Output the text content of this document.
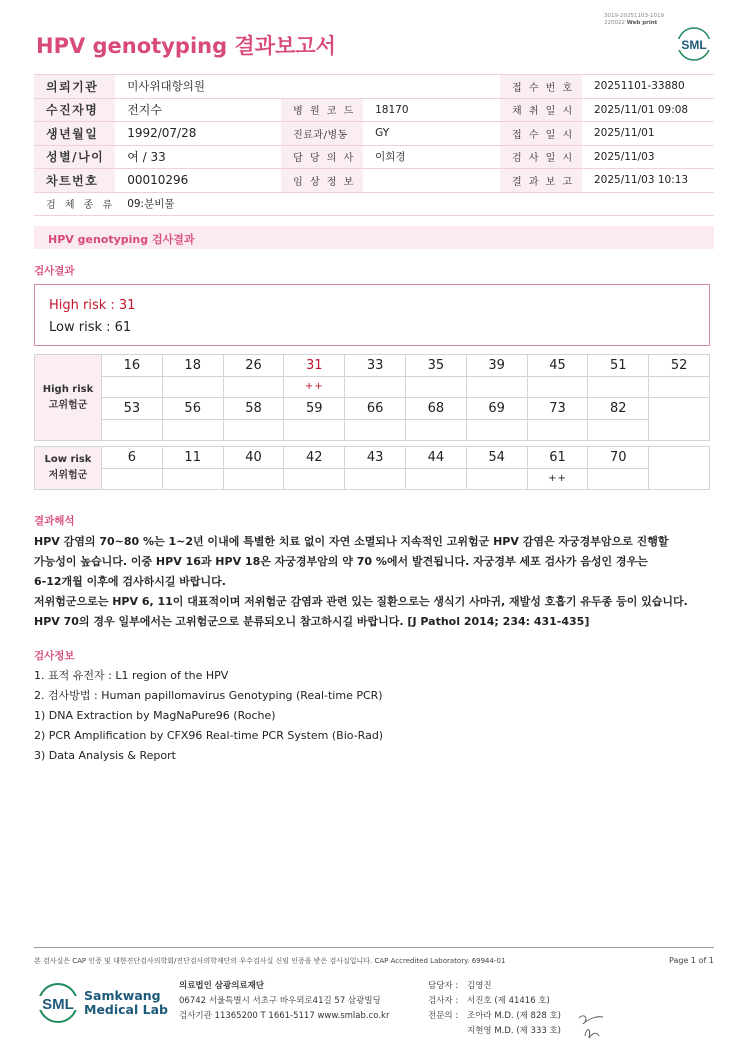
3019-20251103-1019
220022 Web print
HPV genotyping 결과보고서	SML
의뢰기관	미사위대항의원			접 수 번 호	20251101-33880
수진자명	전지수	병 원 코 드	18170	채 취 일 시	2025/11/01 09:08
생년월일	1992/07/28	진료과/병동	GY	접 수 일 시	2025/11/01
성별/나이	여 / 33	담 당 의 사	이희경	검 사 일 시	2025/11/03
차트번호	00010296	임 상 정 보		결 과 보 고	2025/11/03 10:13
검 체 종 류	09:분비물				
HPV genotyping 검사결과
검사결과
High risk : 31
Low risk : 61
High risk
고위험군	16	18	26	31	33	35	39	45	51	52
				++						
	53	56	58	59	66	68	69	73	82	

Low risk
저위험군	6	11	40	42	43	44	54	61	70	
								++		
결과해석
HPV 감염의 70~80 %는 1~2년 이내에 특별한 치료 없이 자연 소멸되나 지속적인 고위험군 HPV 감염은 자궁경부암으로 진행할
가능성이 높습니다. 이중 HPV 16과 HPV 18은 자궁경부암의 약 70 %에서 발견됩니다. 자궁경부 세포 검사가 음성인 경우는
6-12개월 이후에 검사하시길 바랍니다.
저위험군으로는 HPV 6, 11이 대표적이며 저위험군 감염과 관련 있는 질환으로는 생식기 사마귀, 재발성 호흡기 유두종 등이 있습니다.
HPV 70의 경우 일부에서는 고위험군으로 분류되오니 참고하시길 바랍니다. [J Pathol 2014; 234: 431-435]
검사정보
1. 표적 유전자 : L1 region of the HPV
2. 검사방법 : Human papillomavirus Genotyping (Real-time PCR)
1) DNA Extraction by MagNaPure96 (Roche)
2) PCR Amplification by CFX96 Real-time PCR System (Bio-Rad)
3) Data Analysis & Report
본 검사실은 CAP 인증 및 대한진단검사의학회/진단검사의학재단의 우수검사실 신임 인증을 받은 검사실입니다. CAP Accredited Laboratory. 69944-01	Page 1 of 1
SML
Samkwang
Medical Lab
의료법인 삼광의료재단
06742 서울특별시 서초구 바우뫼로41길 57 삼광빌딩
검사기관 11365200 T 1661-5117 www.smlab.co.kr
담당자 :
검사자 :
전문의 :
김영진
서진호 (제 41416 호)
조아라 M.D. (제 828 호)
지현영 M.D. (제 333 호)
